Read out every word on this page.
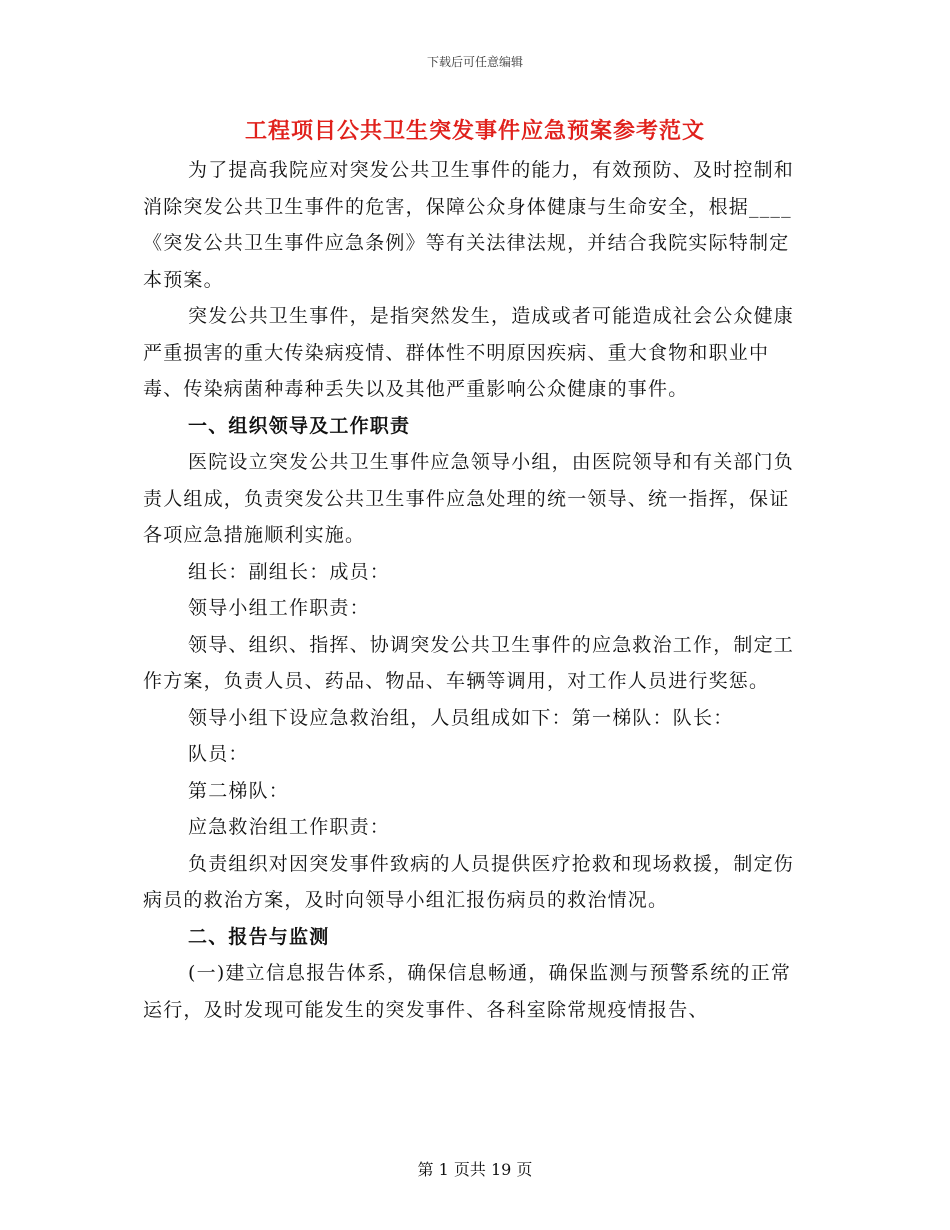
下载后可任意编辑
工程项目公共卫生突发事件应急预案参考范文

为了提高我院应对突发公共卫生事件的能力，有效预防、及时控制和消除突发公共卫生事件的危害，保障公众身体健康与生命安全，根据____《突发公共卫生事件应急条例》等有关法律法规，并结合我院实际特制定本预案。

突发公共卫生事件，是指突然发生，造成或者可能造成社会公众健康严重损害的重大传染病疫情、群体性不明原因疾病、重大食物和职业中毒、传染病菌种毒种丢失以及其他严重影响公众健康的事件。

一、组织领导及工作职责

医院设立突发公共卫生事件应急领导小组，由医院领导和有关部门负责人组成，负责突发公共卫生事件应急处理的统一领导、统一指挥，保证各项应急措施顺利实施。

组长：副组长：成员：

领导小组工作职责：

领导、组织、指挥、协调突发公共卫生事件的应急救治工作，制定工作方案，负责人员、药品、物品、车辆等调用，对工作人员进行奖惩。

领导小组下设应急救治组，人员组成如下：第一梯队：队长：

队员：

第二梯队：

应急救治组工作职责：

负责组织对因突发事件致病的人员提供医疗抢救和现场救援，制定伤病员的救治方案，及时向领导小组汇报伤病员的救治情况。

二、报告与监测

(一)建立信息报告体系，确保信息畅通，确保监测与预警系统的正常运行，及时发现可能发生的突发事件、各科室除常规疫情报告、

第 1 页共 19 页
